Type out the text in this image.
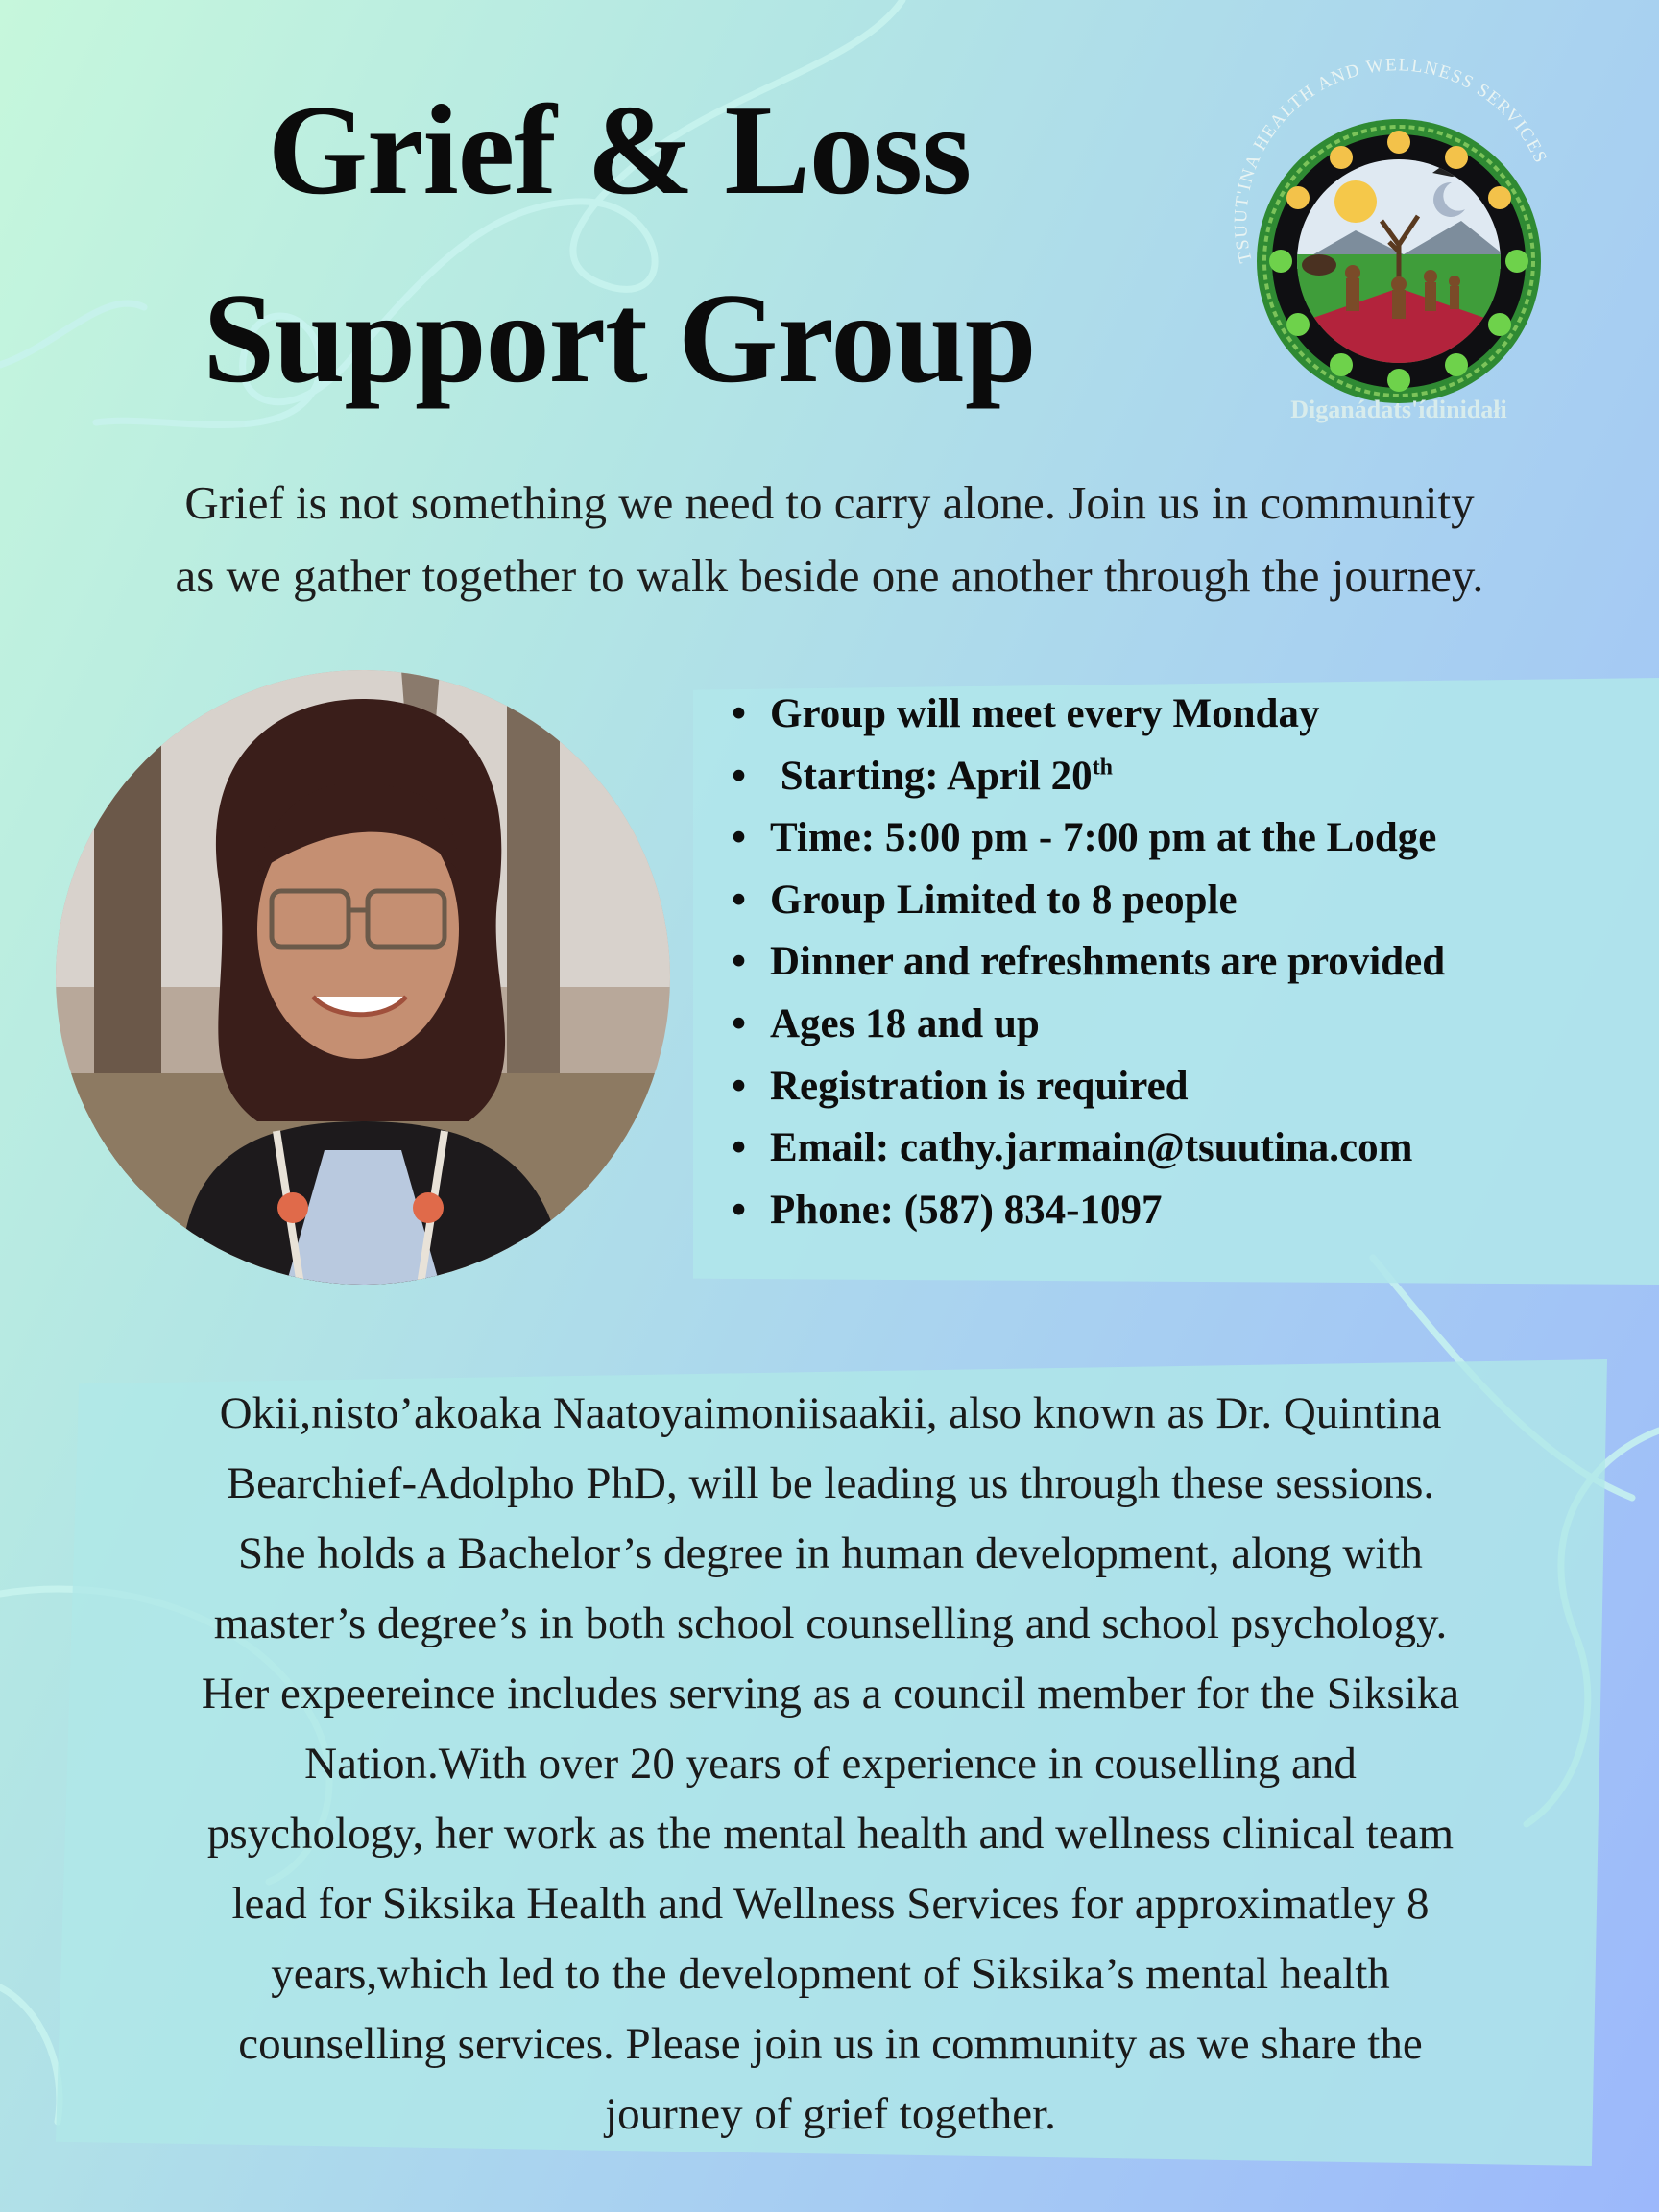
Grief & Loss
Support Group
TSUUT'INA HEALTH AND WELLNESS SERVICES
Diganádats'ídinidałi

Grief is not something we need to carry alone. Join us in community
as we gather together to walk beside one another through the journey.

• Group will meet every Monday
• Starting: April 20th
• Time: 5:00 pm - 7:00 pm at the Lodge
• Group Limited to 8 people
• Dinner and refreshments are provided
• Ages 18 and up
• Registration is required
• Email: cathy.jarmain@tsuutina.com
• Phone: (587) 834-1097

Okii,nisto’akoaka Naatoyaimoniisaakii, also known as Dr. Quintina
Bearchief-Adolpho PhD, will be leading us through these sessions.
She holds a Bachelor’s degree in human development, along with
master’s degree’s in both school counselling and school psychology.
Her expeereince includes serving as a council member for the Siksika
Nation.With over 20 years of experience in couselling and
psychology, her work as the mental health and wellness clinical team
lead for Siksika Health and Wellness Services for approximatley 8
years,which led to the development of Siksika’s mental health
counselling services. Please join us in community as we share the
journey of grief together.
